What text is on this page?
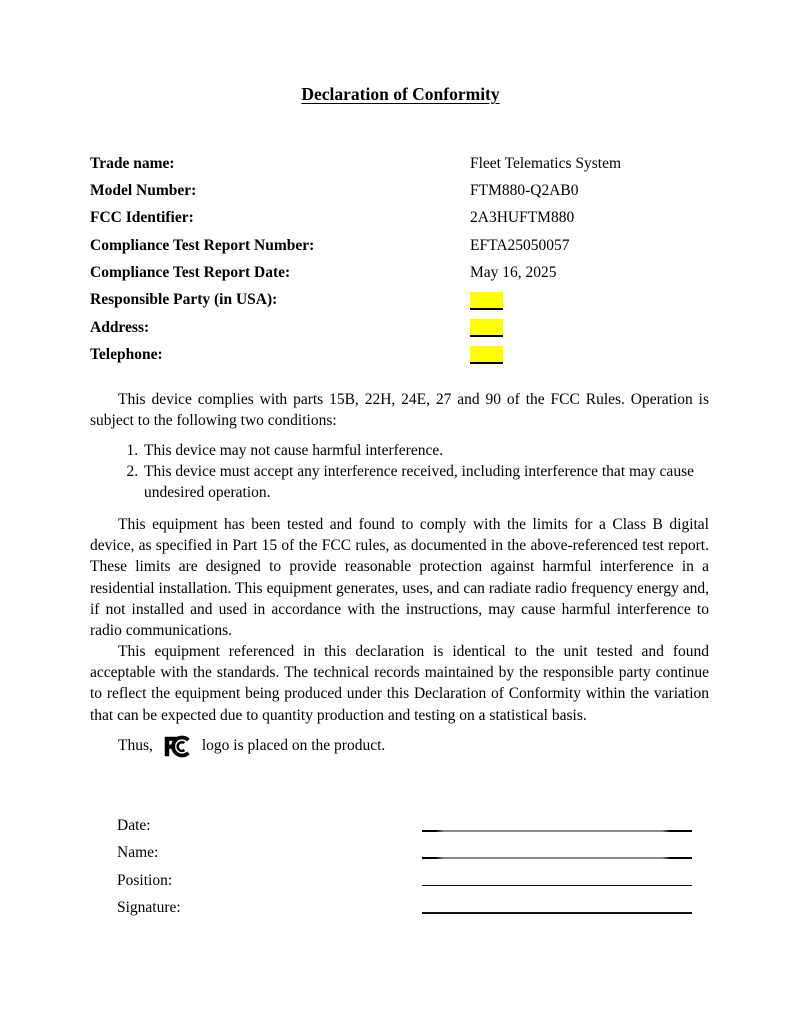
Declaration of Conformity
Trade name:	Fleet Telematics System
Model Number:	FTM880-Q2AB0
FCC Identifier:	2A3HUFTM880
Compliance Test Report Number:	EFTA25050057
Compliance Test Report Date:	May 16, 2025
Responsible Party (in USA):
Address:
Telephone:

This device complies with parts 15B, 22H, 24E, 27 and 90 of the FCC Rules. Operation is subject to the following two conditions:

1. This device may not cause harmful interference.
2. This device must accept any interference received, including interference that may cause undesired operation.

This equipment has been tested and found to comply with the limits for a Class B digital device, as specified in Part 15 of the FCC rules, as documented in the above-referenced test report. These limits are designed to provide reasonable protection against harmful interference in a residential installation. This equipment generates, uses, and can radiate radio frequency energy and, if not installed and used in accordance with the instructions, may cause harmful interference to radio communications.

This equipment referenced in this declaration is identical to the unit tested and found acceptable with the standards. The technical records maintained by the responsible party continue to reflect the equipment being produced under this Declaration of Conformity within the variation that can be expected due to quantity production and testing on a statistical basis.

Thus,	logo is placed on the product.
Date:
Name:
Position:
Signature:
